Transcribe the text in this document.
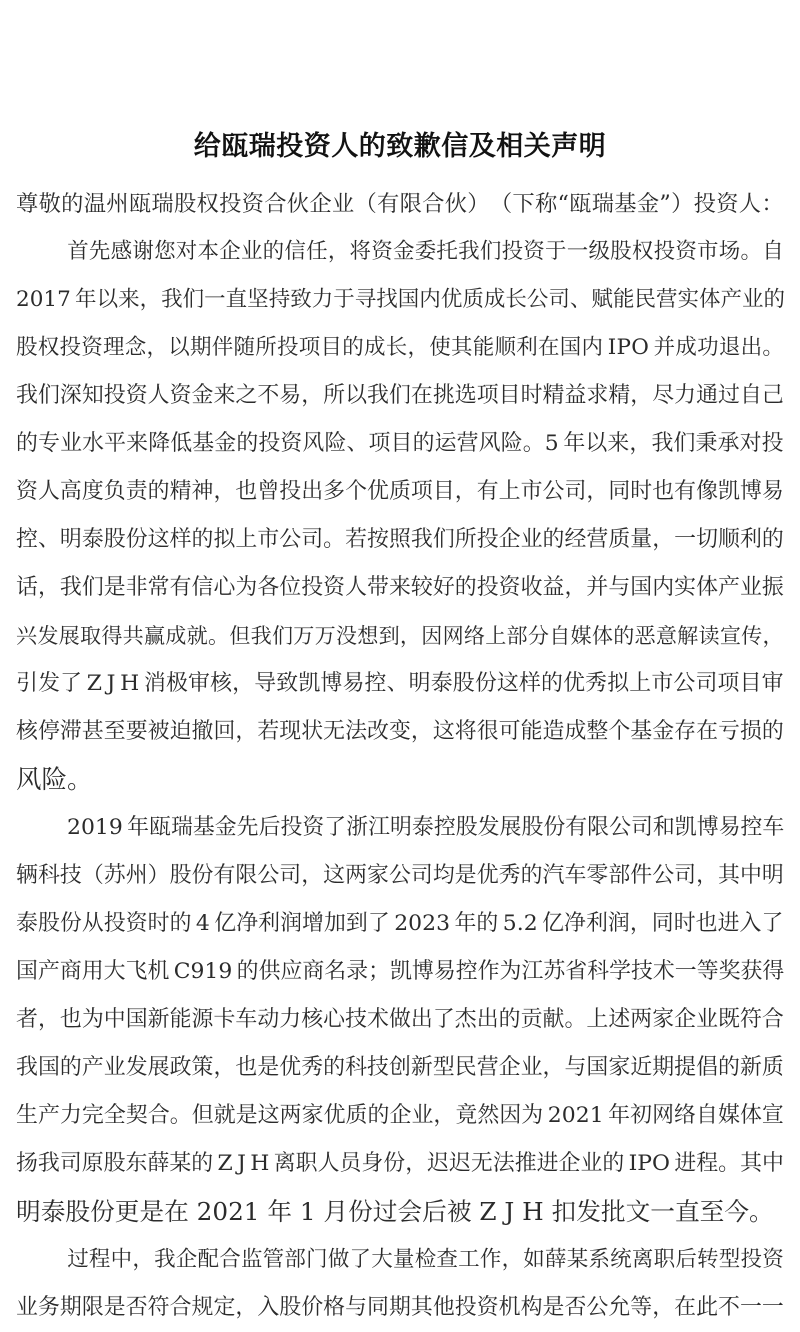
给瓯瑞投资人的致歉信及相关声明
尊 敬 的 温 州 瓯 瑞 股 权 投 资 合 伙 企 业 （ 有 限 合 伙 ） （ 下 称 “ 瓯 瑞 基 金 ” ） 投 资 人 ：

首 先 感 谢 您 对 本 企 业 的 信 任 ， 将 资 金 委 托 我 们 投 资 于 一 级 股 权 投 资 市 场 。 自
2 0 1 7
  年 以 来 ， 我 们 一 直 坚 持 致 力 于 寻 找 国 内 优 质 成 长 公 司 、 赋 能 民 营 实 体 产 业 的
股 权 投 资 理 念 ， 以 期 伴 随 所 投 项 目 的 成 长 ， 使 其 能 顺 利 在 国 内
  I P O
  并 成 功 退 出 。
我 们 深 知 投 资 人 资 金 来 之 不 易 ， 所 以 我 们 在 挑 选 项 目 时 精 益 求 精 ， 尽 力 通 过 自 己
的 专 业 水 平 来 降 低 基 金 的 投 资 风 险 、 项 目 的 运 营 风 险 。 5
  年 以 来 ， 我 们 秉 承 对 投
资 人 高 度 负 责 的 精 神 ， 也 曾 投 出 多 个 优 质 项 目 ， 有 上 市 公 司 ， 同 时 也 有 像 凯 博 易
控 、 明 泰 股 份 这 样 的 拟 上 市 公 司 。 若 按 照 我 们 所 投 企 业 的 经 营 质 量 ， 一 切 顺 利 的
话 ， 我 们 是 非 常 有 信 心 为 各 位 投 资 人 带 来 较 好 的 投 资 收 益 ， 并 与 国 内 实 体 产 业 振
兴 发 展 取 得 共 赢 成 就 。 但 我 们 万 万 没 想 到 ， 因 网 络 上 部 分 自 媒 体 的 恶 意 解 读 宣 传 ，
引 发 了
  Z
  J
  H
  消 极 审 核 ， 导 致 凯 博 易 控 、 明 泰 股 份 这 样 的 优 秀 拟 上 市 公 司 项 目 审
核 停 滞 甚 至 要 被 迫 撤 回 ， 若 现 状 无 法 改 变 ， 这 将 很 可 能 造 成 整 个 基 金 存 在 亏 损 的
风险。

2 0 1 9
  年 瓯 瑞 基 金 先 后 投 资 了 浙 江 明 泰 控 股 发 展 股 份 有 限 公 司 和 凯 博 易 控 车
辆 科 技 （ 苏 州 ） 股 份 有 限 公 司 ， 这 两 家 公 司 均 是 优 秀 的 汽 车 零 部 件 公 司 ， 其 中 明
泰 股 份 从 投 资 时 的
  4
  亿 净 利 润 增 加 到 了
  2 0 2 3
  年 的
  5 . 2
  亿 净 利 润 ， 同 时 也 进 入 了
国 产 商 用 大 飞 机
  C 9 1 9
  的 供 应 商 名 录 ； 凯 博 易 控 作 为 江 苏 省 科 学 技 术 一 等 奖 获 得
者 ， 也 为 中 国 新 能 源 卡 车 动 力 核 心 技 术 做 出 了 杰 出 的 贡 献 。 上 述 两 家 企 业 既 符 合
我 国 的 产 业 发 展 政 策 ， 也 是 优 秀 的 科 技 创 新 型 民 营 企 业 ， 与 国 家 近 期 提 倡 的 新 质
生 产 力 完 全 契 合 。 但 就 是 这 两 家 优 质 的 企 业 ， 竟 然 因 为
  2 0 2 1
  年 初 网 络 自 媒 体 宣
扬 我 司 原 股 东 薛 某 的
  Z
  J
  H
  离 职 人 员 身 份 ， 迟 迟 无 法 推 进 企 业 的
  I P O
  进 程 。 其 中
明泰股份更是在 2021 年 1 月份过会后被 Z J H 扣发批文一直至今。

过 程 中 ， 我 企 配 合 监 管 部 门 做 了 大 量 检 查 工 作 ， 如 薛 某 系 统 离 职 后 转 型 投 资
业 务 期 限 是 否 符 合 规 定 ， 入 股 价 格 与 同 期 其 他 投 资 机 构 是 否 公 允 等 ， 在 此 不 一 一
